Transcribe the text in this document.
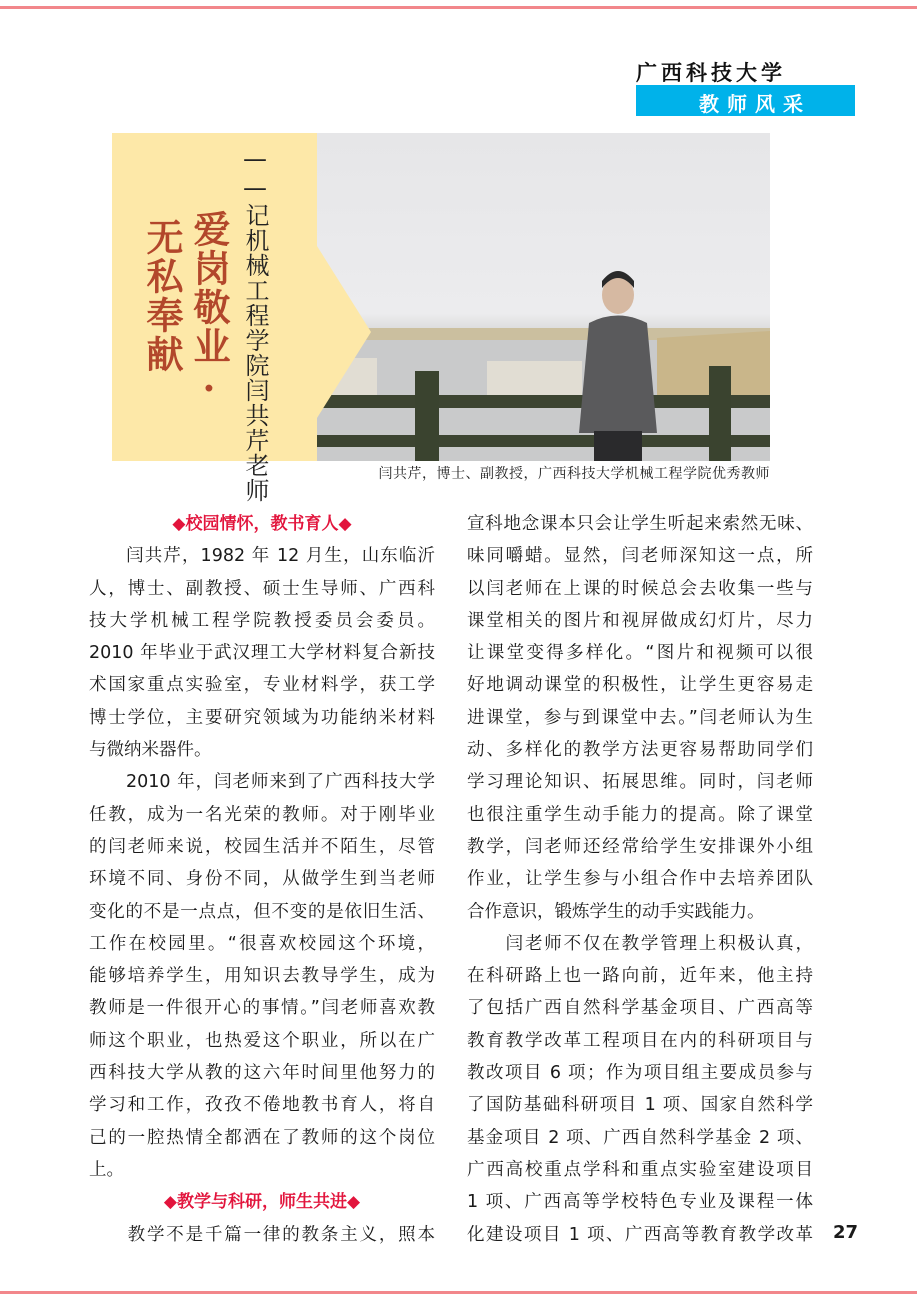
广西科技大学
教师风采
无私奉献 爱岗敬业· ——记机械工程学院闫共芹老师	闫共芹，博士、副教授，广西科技大学机械工程学院优秀教师
◆校园情怀，教书育人◆
　　闫共芹，1982 年 12 月生，山东临沂
人，博士、副教授、硕士生导师、广西科
技大学机械工程学院教授委员会委员。
2010 年毕业于武汉理工大学材料复合新技
术国家重点实验室，专业材料学，获工学
博士学位，主要研究领域为功能纳米材料
与微纳米器件。
　　2010 年，闫老师来到了广西科技大学
任教，成为一名光荣的教师。对于刚毕业
的闫老师来说，校园生活并不陌生，尽管
环境不同、身份不同，从做学生到当老师
变化的不是一点点，但不变的是依旧生活、
工作在校园里。“很喜欢校园这个环境，
能够培养学生，用知识去教导学生，成为
教师是一件很开心的事情。”闫老师喜欢教
师这个职业，也热爱这个职业，所以在广
西科技大学从教的这六年时间里他努力的
学习和工作，孜孜不倦地教书育人，将自
己的一腔热情全都洒在了教师的这个岗位
上。
◆教学与科研，师生共进◆
　　教学不是千篇一律的教条主义，照本
宣科地念课本只会让学生听起来索然无味、
味同嚼蜡。显然，闫老师深知这一点，所
以闫老师在上课的时候总会去收集一些与
课堂相关的图片和视屏做成幻灯片，尽力
让课堂变得多样化。“图片和视频可以很
好地调动课堂的积极性，让学生更容易走
进课堂，参与到课堂中去。”闫老师认为生
动、多样化的教学方法更容易帮助同学们
学习理论知识、拓展思维。同时，闫老师
也很注重学生动手能力的提高。除了课堂
教学，闫老师还经常给学生安排课外小组
作业，让学生参与小组合作中去培养团队
合作意识，锻炼学生的动手实践能力。
　　闫老师不仅在教学管理上积极认真，
在科研路上也一路向前，近年来，他主持
了包括广西自然科学基金项目、广西高等
教育教学改革工程项目在内的科研项目与
教改项目 6 项；作为项目组主要成员参与
了国防基础科研项目 1 项、国家自然科学
基金项目 2 项、广西自然科学基金 2 项、
广西高校重点学科和重点实验室建设项目
1 项、广西高等学校特色专业及课程一体
化建设项目 1 项、广西高等教育教学改革 27
